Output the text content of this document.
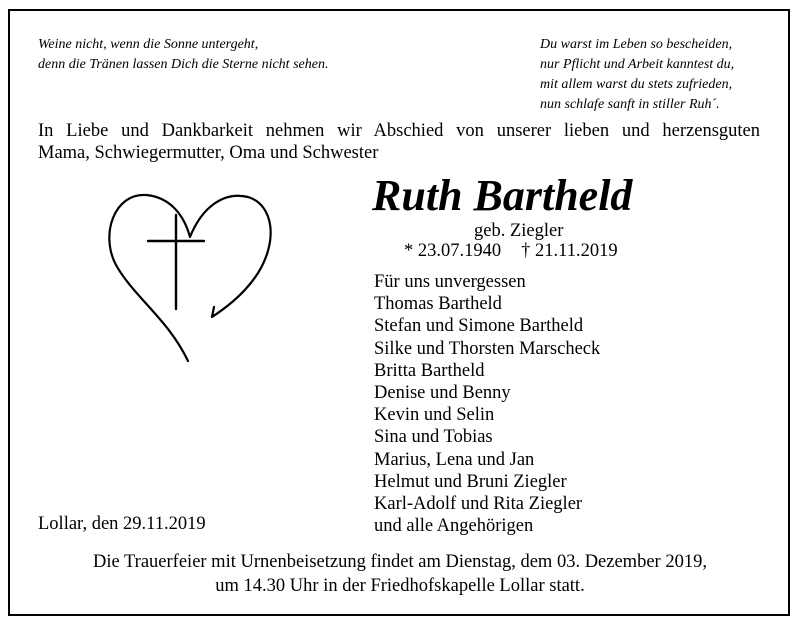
Weine nicht, wenn die Sonne untergeht,
denn die Tränen lassen Dich die Sterne nicht sehen.
Du warst im Leben so bescheiden,
nur Pflicht und Arbeit kanntest du,
mit allem warst du stets zufrieden,
nun schlafe sanft in stiller Ruh´.
In Liebe und Dankbarkeit nehmen wir Abschied von unserer lieben und herzensguten
Mama, Schwiegermutter, Oma und Schwester
Ruth Bartheld
geb. Ziegler
* 23.07.1940 † 21.11.2019
Für uns unvergessen
Thomas Bartheld
Stefan und Simone Bartheld
Silke und Thorsten Marscheck
Britta Bartheld
Denise und Benny
Kevin und Selin
Sina und Tobias
Marius, Lena und Jan
Helmut und Bruni Ziegler
Karl-Adolf und Rita Ziegler
und alle Angehörigen
Lollar, den 29.11.2019
Die Trauerfeier mit Urnenbeisetzung findet am Dienstag, dem 03. Dezember 2019,
um 14.30 Uhr in der Friedhofskapelle Lollar statt.
